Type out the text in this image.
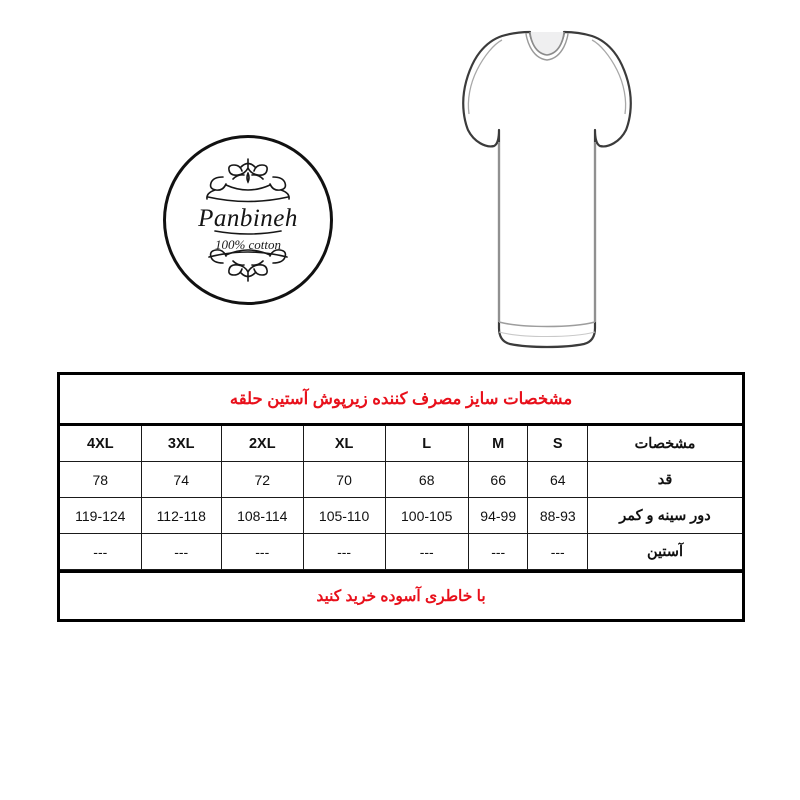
Panbineh
100% cotton
مشخصات سایز مصرف کننده زیرپوش آستین حلقه
مشخصات	S	M	L	XL	2XL	3XL	4XL
قد	64	66	68	70	72	74	78
دور سینه و کمر	88-93	94-99	100-105	105-110	108-114	112-118	119-124
آستین	---	---	---	---	---	---	---
با خاطری آسوده خرید کنید
